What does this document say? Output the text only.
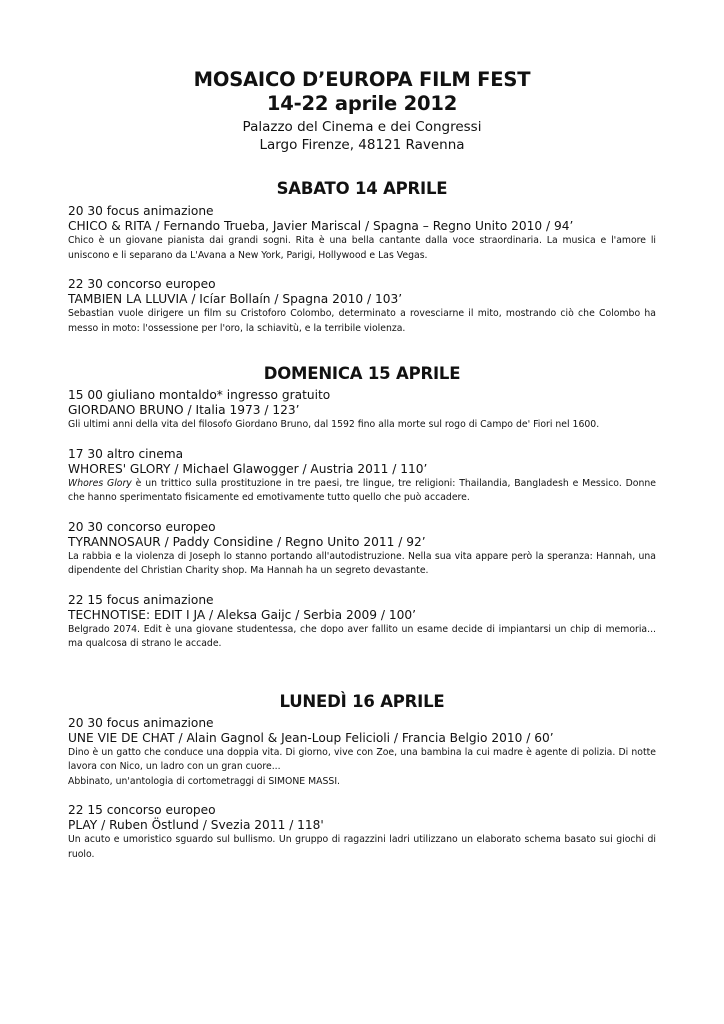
MOSAICO D’EUROPA FILM FEST
14-22 aprile 2012
Palazzo del Cinema e dei Congressi
Largo Firenze, 48121 Ravenna
SABATO 14 APRILE
20 30 focus animazione
CHICO & RITA / Fernando Trueba, Javier Mariscal / Spagna – Regno Unito 2010 / 94’
Chico è un giovane pianista dai grandi sogni. Rita è una bella cantante dalla voce straordinaria. La musica e l'amore li unisconо e li separano da L'Avana a New York, Parigi, Hollywood e Las Vegas.
22 30 concorso europeo
TAMBIEN LA LLUVIA / Icíar Bollaín / Spagna 2010 / 103’
Sebastian vuole dirigere un film su Cristoforo Colombo, determinato a rovesciarne il mito, mostrando ciò che Colombo ha messo in moto: l'ossessione per l'oro, la schiavitù, e la terribile violenza.
DOMENICA 15 APRILE
15 00 giuliano montaldo* ingresso gratuito
GIORDANO BRUNO / Italia 1973 / 123’
Gli ultimi anni della vita del filosofo Giordano Bruno, dal 1592 fino alla morte sul rogo di Campo de' Fiori nel 1600.
17 30 altro cinema
WHORES' GLORY / Michael Glawogger / Austria 2011 / 110’
Whores Glory è un trittico sulla prostituzione in tre paesi, tre lingue, tre religioni: Thailandia, Bangladesh e Messico. Donne che hanno sperimentato fisicamente ed emotivamente tutto quello che può accadere.
20 30 concorso europeo
TYRANNOSAUR / Paddy Considine / Regno Unito 2011 / 92’
La rabbia e la violenza di Joseph lo stanno portando all'autodistruzione. Nella sua vita appare però la speranza: Hannah, una dipendente del Christian Charity shop. Ma Hannah ha un segreto devastante.
22 15 focus animazione
TECHNOTISE: EDIT I JA / Aleksa Gaijc / Serbia 2009 / 100’
Belgrado 2074. Edit è una giovane studentessa, che dopo aver fallito un esame decide di impiantarsi un chip di memoria... ma qualcosa di strano le accade.
LUNEDÌ 16 APRILE
20 30 focus animazione
UNE VIE DE CHAT / Alain Gagnol & Jean-Loup Felicioli / Francia Belgio 2010 / 60’
Dino è un gatto che conduce una doppia vita. Di giorno, vive con Zoe, una bambina la cui madre è agente di polizia. Di notte lavora con Nico, un ladro con un gran cuore...
Abbinato, un'antologia di cortometraggi di SIMONE MASSI.
22 15 concorso europeo
PLAY / Ruben Östlund / Svezia 2011 / 118'
Un acuto e umoristico sguardo sul bullismo. Un gruppo di ragazzini ladri utilizzano un elaborato schema basato sui giochi di ruolo.
